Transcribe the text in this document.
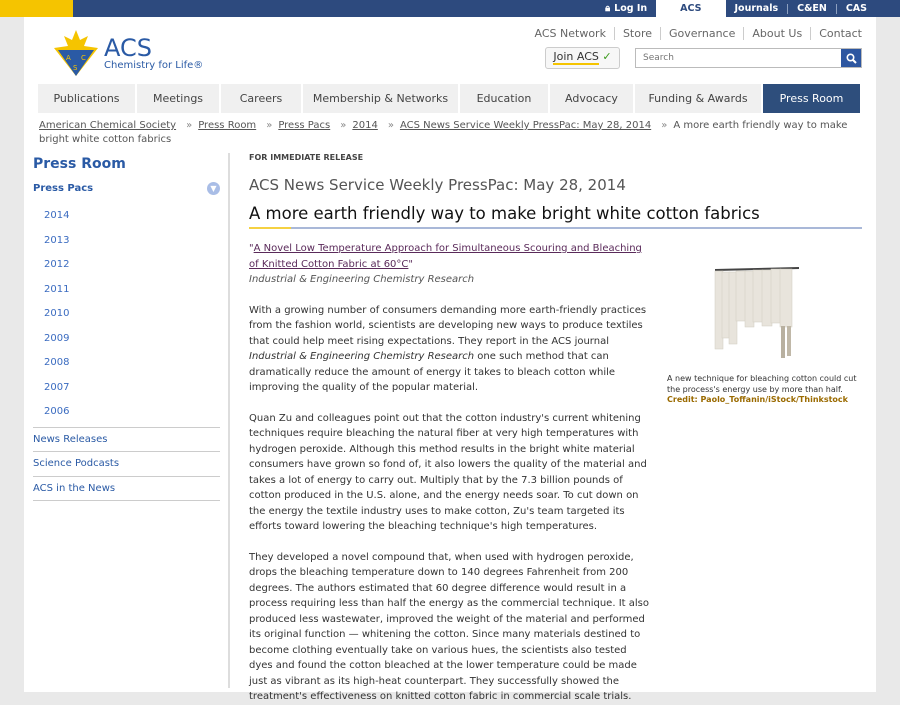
🔒︎ Log In	ACS	Journals	C&EN	CAS
A C
S
ACS
Chemistry for Life®
ACS Network	Store	Governance	About Us	Contact
Join ACS ✓
Search
Publications	Meetings	Careers	Membership & Networks	Education	Advocacy	Funding & Awards	Press Room
American Chemical Society » Press Room » Press Pacs » 2014 » ACS News Service Weekly PressPac: May 28, 2014 » A more earth friendly way to make bright white cotton fabrics
Press Room
Press Pacs	▼
2014
2013
2012
2011
2010
2009
2008
2007
2006
News Releases
Science Podcasts
ACS in the News
FOR IMMEDIATE RELEASE
ACS News Service Weekly PressPac: May 28, 2014
A more earth friendly way to make bright white cotton fabrics
"A Novel Low Temperature Approach for Simultaneous Scouring and Bleaching of Knitted Cotton Fabric at 60°C"
Industrial & Engineering Chemistry Research

With a growing number of consumers demanding more earth-friendly practices from the fashion world, scientists are developing new ways to produce textiles that could help meet rising expectations. They report in the ACS journal Industrial & Engineering Chemistry Research one such method that can dramatically reduce the amount of energy it takes to bleach cotton while improving the quality of the popular material.

Quan Zu and colleagues point out that the cotton industry's current whitening techniques require bleaching the natural fiber at very high temperatures with hydrogen peroxide. Although this method results in the bright white material consumers have grown so fond of, it also lowers the quality of the material and takes a lot of energy to carry out. Multiply that by the 7.3 billion pounds of cotton produced in the U.S. alone, and the energy needs soar. To cut down on the energy the textile industry uses to make cotton, Zu's team targeted its efforts toward lowering the bleaching technique's high temperatures.

They developed a novel compound that, when used with hydrogen peroxide, drops the bleaching temperature down to 140 degrees Fahrenheit from 200 degrees. The authors estimated that 60 degree difference would result in a process requiring less than half the energy as the commercial technique. It also produced less wastewater, improved the weight of the material and performed its original function — whitening the cotton. Since many materials destined to become clothing eventually take on various hues, the scientists also tested dyes and found the cotton bleached at the lower temperature could be made just as vibrant as its high-heat counterpart. They successfully showed the treatment's effectiveness on knitted cotton fabric in commercial scale trials.

A new technique for bleaching cotton could cut the process's energy use by more than half.
Credit: Paolo_Toffanin/iStock/Thinkstock
